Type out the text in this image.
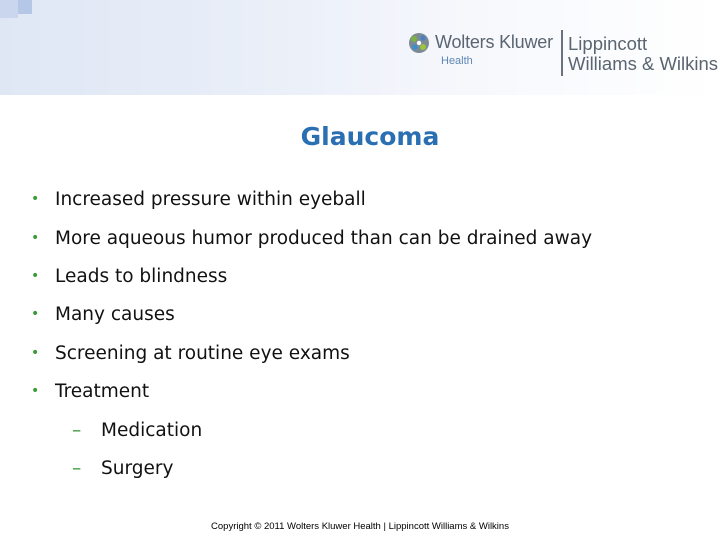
Wolters Kluwer
Health
Lippincott
Williams & Wilkins
Glaucoma
• Increased pressure within eyeball
• More aqueous humor produced than can be drained away
• Leads to blindness
• Many causes
• Screening at routine eye exams
• Treatment
– Medication
– Surgery
Copyright © 2011 Wolters Kluwer Health | Lippincott Williams & Wilkins
